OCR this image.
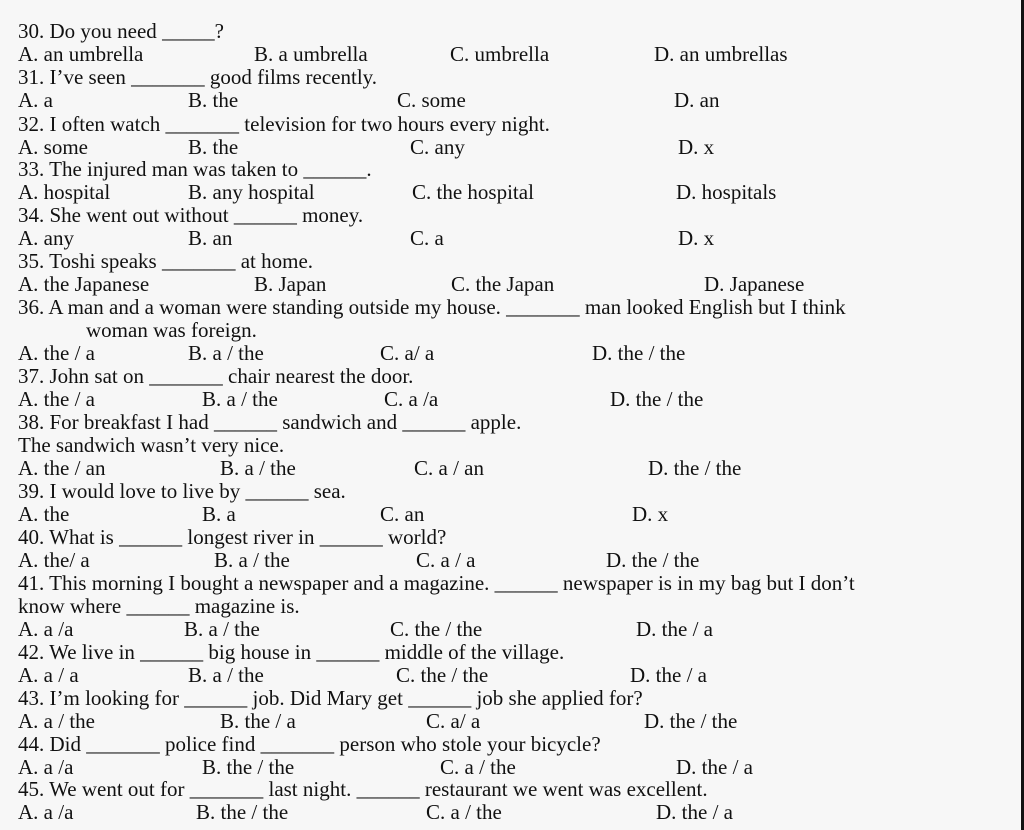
30. Do you need _____?
A. an umbrella	B. a umbrella	C. umbrella	D. an umbrellas
31. I’ve seen _______ good films recently.
A. a	B. the	C. some	D. an
32. I often watch _______ television for two hours every night.
A. some	B. the	C. any	D. x
33. The injured man was taken to ______.
A. hospital	B. any hospital	C. the hospital	D. hospitals
34. She went out without ______ money.
A. any	B. an	C. a	D. x
35. Toshi speaks _______ at home.
A. the Japanese	B. Japan	C. the Japan	D. Japanese
36. A man and a woman were standing outside my house. _______ man looked English but I think
woman was foreign.
A. the / a	B. a / the	C. a/ a	D. the / the
37. John sat on _______ chair nearest the door.
A. the / a	B. a / the	C. a /a	D. the / the
38. For breakfast I had ______ sandwich and ______ apple.
The sandwich wasn’t very nice.
A. the / an	B. a / the	C. a / an	D. the / the
39. I would love to live by ______ sea.
A. the	B. a	C. an	D. x
40. What is ______ longest river in ______ world?
A. the/ a	B. a / the	C. a / a	D. the / the
41. This morning I bought a newspaper and a magazine. ______ newspaper is in my bag but I don’t
know where ______ magazine is.
A. a /a	B. a / the	C. the / the	D. the / a
42. We live in ______ big house in ______ middle of the village.
A. a / a	B. a / the	C. the / the	D. the / a
43. I’m looking for ______ job. Did Mary get ______ job she applied for?
A. a / the	B. the / a	C. a/ a	D. the / the
44. Did _______ police find _______ person who stole your bicycle?
A. a /a	B. the / the	C. a / the	D. the / a
45. We went out for _______ last night. ______ restaurant we went was excellent.
A. a /a	B. the / the	C. a / the	D. the / a
